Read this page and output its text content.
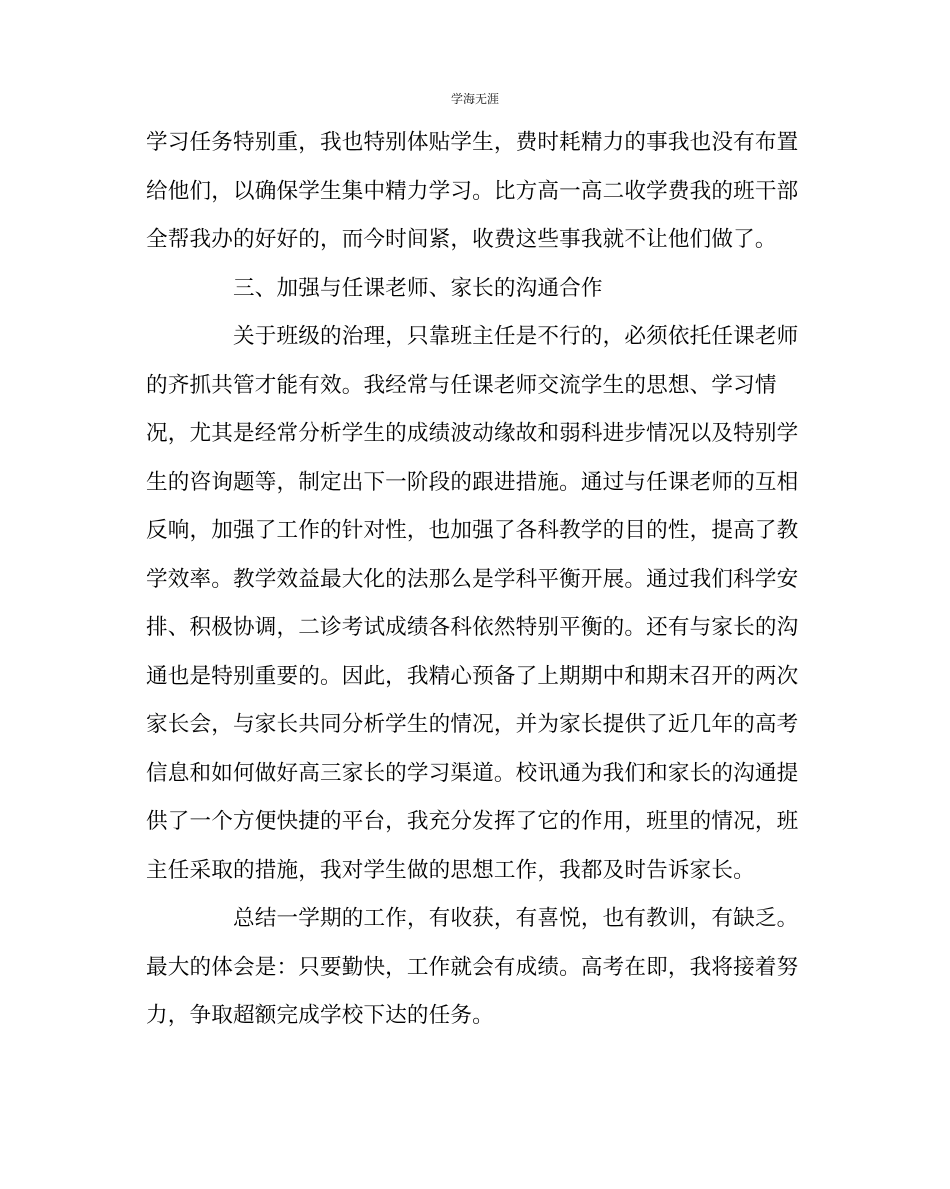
学海无涯
学习任务特别重，我也特别体贴学生，费时耗精力的事我也没有布置
给他们，以确保学生集中精力学习。比方高一高二收学费我的班干部
全帮我办的好好的，而今时间紧，收费这些事我就不让他们做了。
三、加强与任课老师、家长的沟通合作
关于班级的治理，只靠班主任是不行的，必须依托任课老师
的齐抓共管才能有效。我经常与任课老师交流学生的思想、学习情
况，尤其是经常分析学生的成绩波动缘故和弱科进步情况以及特别学
生的咨询题等，制定出下一阶段的跟进措施。通过与任课老师的互相
反响，加强了工作的针对性，也加强了各科教学的目的性，提高了教
学效率。教学效益最大化的法那么是学科平衡开展。通过我们科学安
排、积极协调，二诊考试成绩各科依然特别平衡的。还有与家长的沟
通也是特别重要的。因此，我精心预备了上期期中和期末召开的两次
家长会，与家长共同分析学生的情况，并为家长提供了近几年的高考
信息和如何做好高三家长的学习渠道。校讯通为我们和家长的沟通提
供了一个方便快捷的平台，我充分发挥了它的作用，班里的情况，班
主任采取的措施，我对学生做的思想工作，我都及时告诉家长。
总结一学期的工作，有收获，有喜悦，也有教训，有缺乏。
最大的体会是：只要勤快，工作就会有成绩。高考在即，我将接着努
力，争取超额完成学校下达的任务。
